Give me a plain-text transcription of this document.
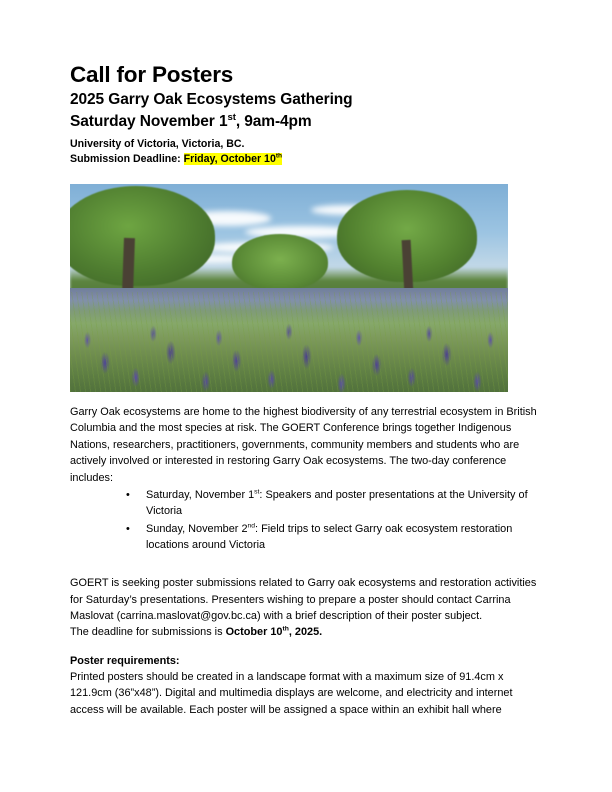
Call for Posters
2025 Garry Oak Ecosystems Gathering
Saturday November 1st, 9am-4pm
University of Victoria, Victoria, BC.
Submission Deadline: Friday, October 10th

Garry Oak ecosystems are home to the highest biodiversity of any terrestrial ecosystem in British Columbia and the most species at risk. The GOERT Conference brings together Indigenous Nations, researchers, practitioners, governments, community members and students who are actively involved or interested in restoring Garry Oak ecosystems. The two-day conference includes:

• Saturday, November 1st: Speakers and poster presentations at the University of Victoria
• Sunday, November 2nd: Field trips to select Garry oak ecosystem restoration locations around Victoria

GOERT is seeking poster submissions related to Garry oak ecosystems and restoration activities for Saturday’s presentations. Presenters wishing to prepare a poster should contact Carrina Maslovat (carrina.maslovat@gov.bc.ca) with a brief description of their poster subject.

The deadline for submissions is October 10th, 2025.

Poster requirements:

Printed posters should be created in a landscape format with a maximum size of 91.4cm x 121.9cm (36”x48”). Digital and multimedia displays are welcome, and electricity and internet access will be available. Each poster will be assigned a space within an exhibit hall where
